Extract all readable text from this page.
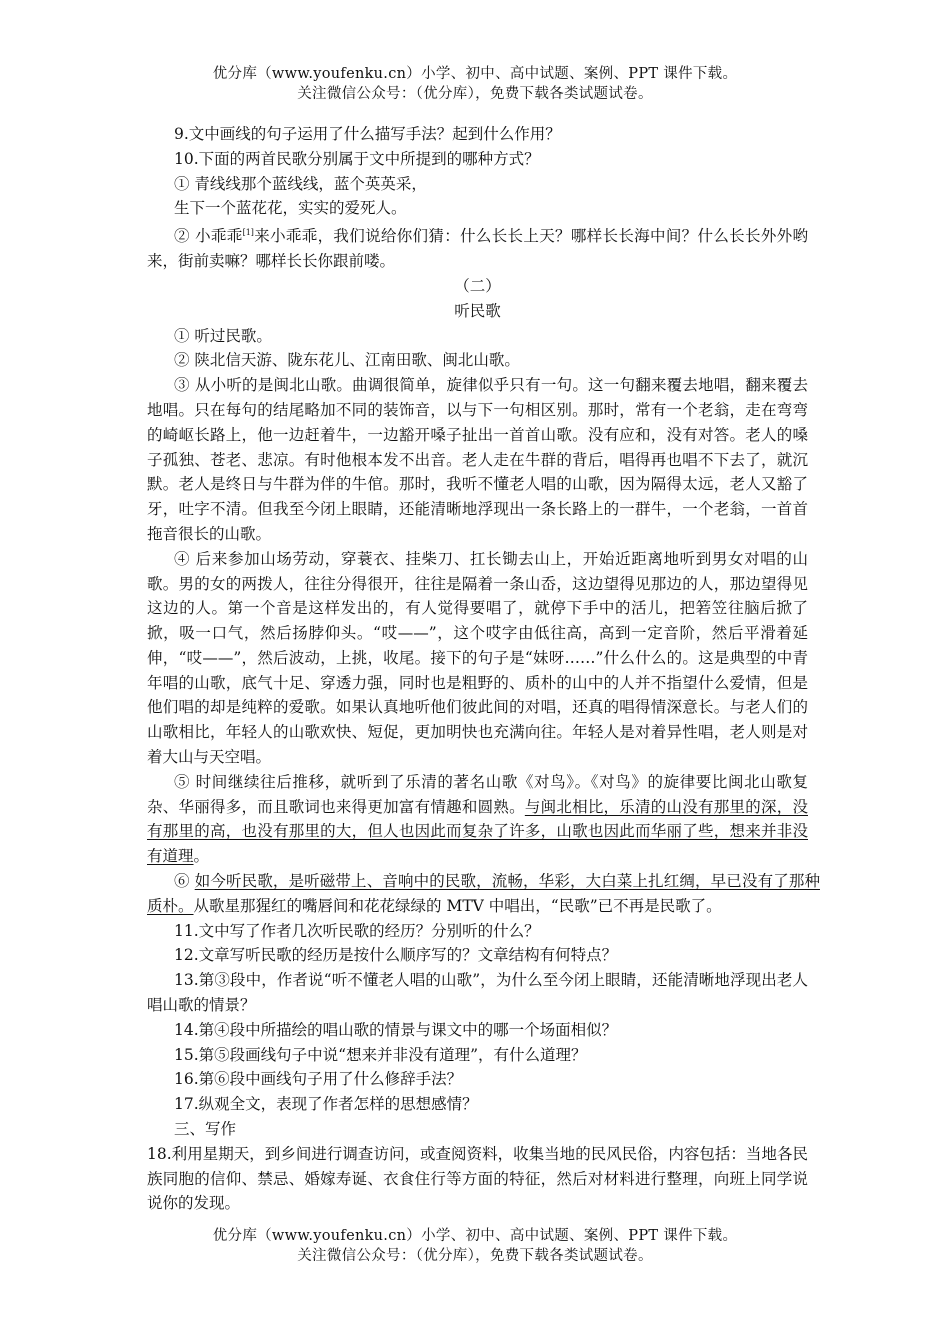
优分库（www.youfenku.cn）小学、初中、高中试题、案例、PPT 课件下载。
关注微信公众号：（优分库），免费下载各类试题试卷。

9.文中画线的句子运用了什么描写手法？起到什么作用？

10.下面的两首民歌分别属于文中所提到的哪种方式？

① 青线线那个蓝线线，蓝个英英采，

生下一个蓝花花，实实的爱死人。

② 小乖乖[1]来小乖乖，我们说给你们猜：什么长长上天？哪样长长海中间？什么长长外外哟 来，街前卖嘛？哪样长长你跟前喽。

（二）

听民歌

① 听过民歌。

② 陕北信天游、陇东花儿、江南田歌、闽北山歌。

③ 从小听的是闽北山歌。曲调很简单，旋律似乎只有一句。这一句翻来覆去地唱，翻来覆去地唱。只在每句的结尾略加不同的装饰音，以与下一句相区别。那时，常有一个老翁，走在弯弯的崎岖长路上，他一边赶着牛，一边豁开嗓子扯出一首首山歌。没有应和，没有对答。老人的嗓子孤独、苍老、悲凉。有时他根本发不出音。老人走在牛群的背后，唱得再也唱不下去了，就沉默。老人是终日与牛群为伴的牛倌。那时，我听不懂老人唱的山歌，因为隔得太远，老人又豁了牙，吐字不清。但我至今闭上眼睛，还能清晰地浮现出一条长路上的一群牛，一个老翁，一首首拖音很长的山歌。

④ 后来参加山场劳动，穿蓑衣、挂柴刀、扛长锄去山上，开始近距离地听到男女对唱的山歌。男的女的两拨人，往往分得很开，往往是隔着一条山岙，这边望得见那边的人，那边望得见这边的人。第一个音是这样发出的，有人觉得要唱了，就停下手中的活儿，把箬笠往脑后掀了掀，吸一口气，然后扬脖仰头。“哎——”，这个哎字由低往高，高到一定音阶，然后平滑着延伸，“哎——”，然后波动，上挑，收尾。接下的句子是“妹呀……”什么什么的。这是典型的中青年唱的山歌，底气十足、穿透力强，同时也是粗野的、质朴的山中的人并不指望什么爱情，但是他们唱的却是纯粹的爱歌。如果认真地听他们彼此间的对唱，还真的唱得情深意长。与老人们的山歌相比，年轻人的山歌欢快、短促，更加明快也充满向往。年轻人是对着异性唱，老人则是对着大山与天空唱。

⑤ 时间继续往后推移，就听到了乐清的著名山歌《对鸟》。《对鸟》的旋律要比闽北山歌复杂、华丽得多，而且歌词也来得更加富有情趣和圆熟。与闽北相比，乐清的山没有那里的深，没有那里的高，也没有那里的大，但人也因此而复杂了许多，山歌也因此而华丽了些，想来并非没有道理。

⑥ 如今听民歌，是听磁带上、音响中的民歌，流畅，华彩，大白菜上扎红绸，早已没有了那种质朴。从歌星那猩红的嘴唇间和花花绿绿的 MTV 中唱出，“民歌”已不再是民歌了。

11.文中写了作者几次听民歌的经历？分别听的什么？

12.文章写听民歌的经历是按什么顺序写的？文章结构有何特点？

13.第③段中，作者说“听不懂老人唱的山歌”，为什么至今闭上眼睛，还能清晰地浮现出老人唱山歌的情景？

14.第④段中所描绘的唱山歌的情景与课文中的哪一个场面相似？

15.第⑤段画线句子中说“想来并非没有道理”，有什么道理？

16.第⑥段中画线句子用了什么修辞手法？

17.纵观全文，表现了作者怎样的思想感情？

三、写作

18.利用星期天，到乡间进行调查访问，或查阅资料，收集当地的民风民俗，内容包括：当地各民族同胞的信仰、禁忌、婚嫁寿诞、衣食住行等方面的特征，然后对材料进行整理，向班上同学说说你的发现。

优分库（www.youfenku.cn）小学、初中、高中试题、案例、PPT 课件下载。
关注微信公众号：（优分库），免费下载各类试题试卷。
